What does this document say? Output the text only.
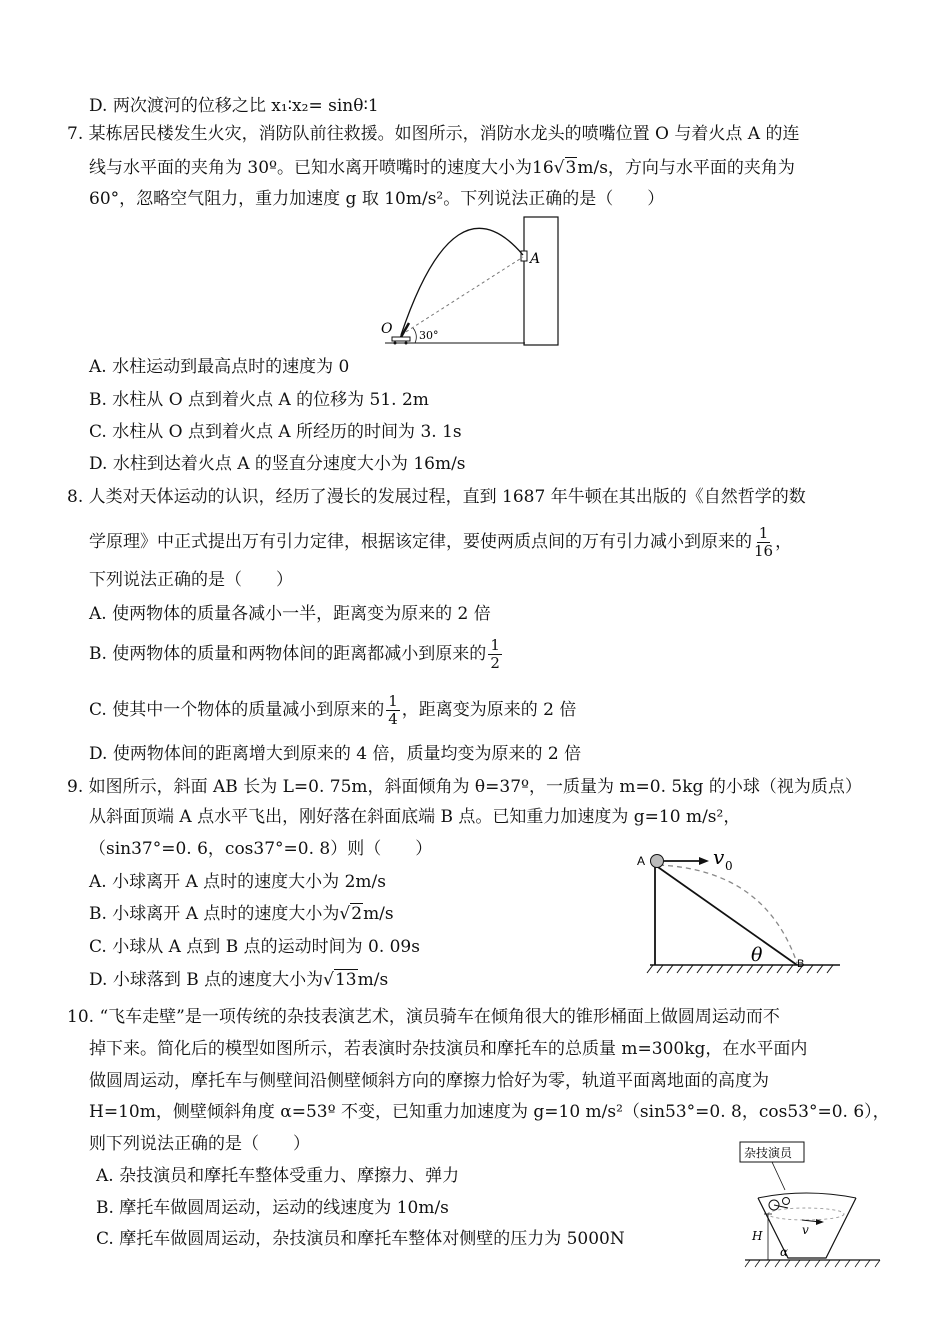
D. 两次渡河的位移之比 x₁∶x₂= sinθ∶1
7. 某栋居民楼发生火灾，消防队前往救援。如图所示，消防水龙头的喷嘴位置 O 与着火点 A 的连
线与水平面的夹角为 30º。已知水离开喷嘴时的速度大小为16√3m/s，方向与水平面的夹角为
60°，忽略空气阻力，重力加速度 g 取 10m/s²。下列说法正确的是（　　）
O
A
30°
A. 水柱运动到最高点时的速度为 0
B. 水柱从 O 点到着火点 A 的位移为 51. 2m
C. 水柱从 O 点到着火点 A 所经历的时间为 3. 1s
D. 水柱到达着火点 A 的竖直分速度大小为 16m/s
8. 人类对天体运动的认识，经历了漫长的发展过程，直到 1687 年牛顿在其出版的《自然哲学的数
学原理》中正式提出万有引力定律，根据该定律，要使两质点间的万有引力减小到原来的 $\frac{1}{16}$ ，
下列说法正确的是（　　）
A. 使两物体的质量各减小一半，距离变为原来的 2 倍
B. 使两物体的质量和两物体间的距离都减小到原来的 $\frac{1}{2}$
C. 使其中一个物体的质量减小到原来的 $\frac{1}{4}$ ，距离变为原来的 2 倍
D. 使两物体间的距离增大到原来的 4 倍，质量均变为原来的 2 倍
9. 如图所示，斜面 AB 长为 L=0. 75m，斜面倾角为 θ=37º，一质量为 m=0. 5kg 的小球（视为质点）
从斜面顶端 A 点水平飞出，刚好落在斜面底端 B 点。已知重力加速度为 g=10 m/s²，
（sin37°=0. 6，cos37°=0. 8）则（　　）
A. 小球离开 A 点时的速度大小为 2m/s
B. 小球离开 A 点时的速度大小为√2m/s
C. 小球从 A 点到 B 点的运动时间为 0. 09s
D. 小球落到 B 点的速度大小为√13m/s
A
B
v 0
θ
10. “飞车走壁”是一项传统的杂技表演艺术，演员骑车在倾角很大的锥形桶面上做圆周运动而不
掉下来。简化后的模型如图所示，若表演时杂技演员和摩托车的总质量 m=300kg，在水平面内
做圆周运动，摩托车与侧壁间沿侧壁倾斜方向的摩擦力恰好为零，轨道平面离地面的高度为
H=10m，侧壁倾斜角度 α=53º 不变，已知重力加速度为 g=10 m/s²（sin53°=0. 8，cos53°=0. 6），
则下列说法正确的是（　　）
A. 杂技演员和摩托车整体受重力、摩擦力、弹力
B. 摩托车做圆周运动，运动的线速度为 10m/s
C. 摩托车做圆周运动，杂技演员和摩托车整体对侧壁的压力为 5000N
杂技演员
v
H
α
